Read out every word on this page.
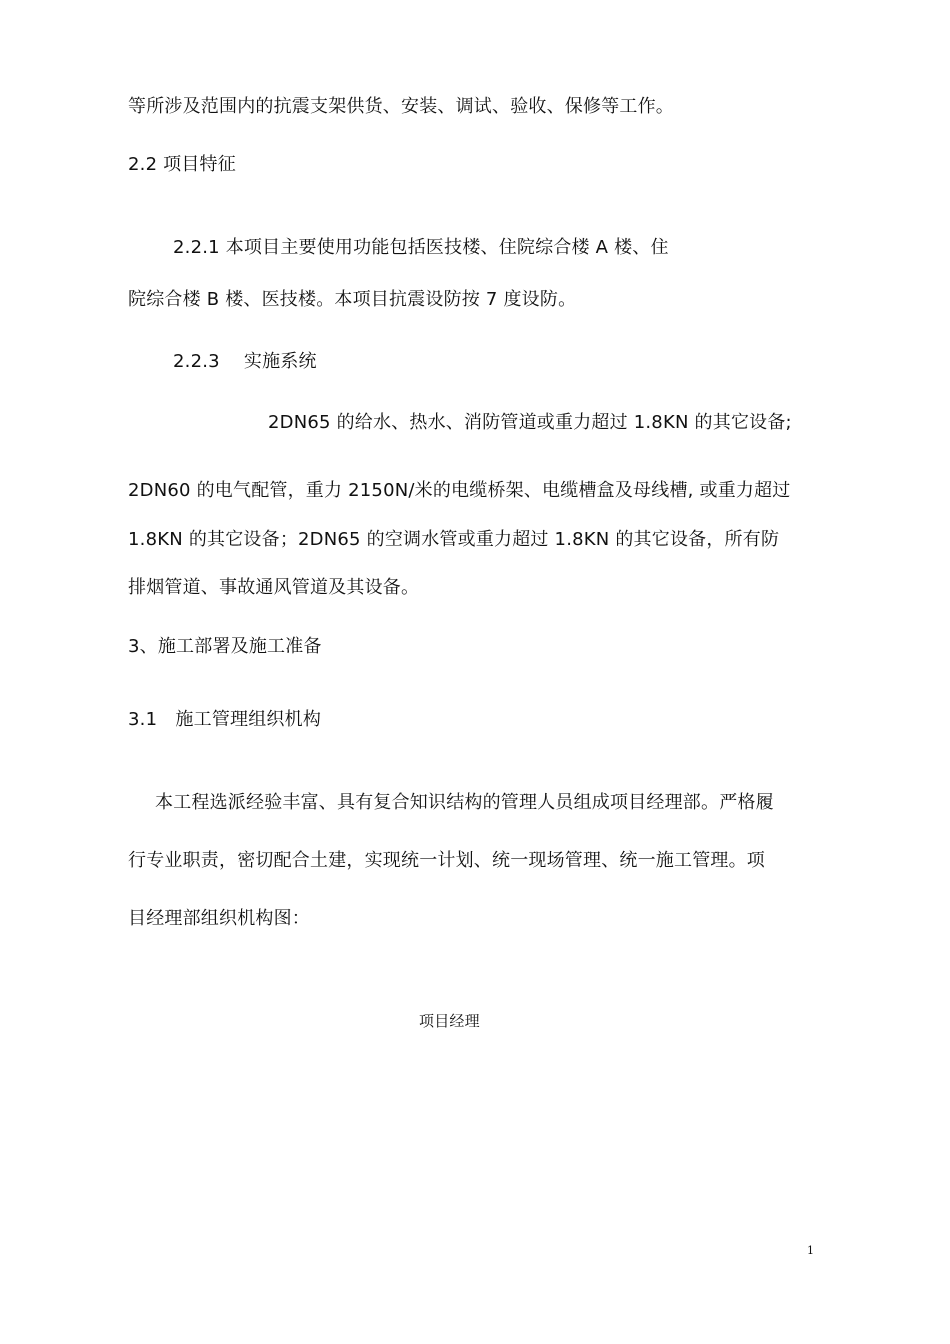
等所涉及范围内的抗震支架供货、安装、调试、验收、保修等工作。
2.2 项目特征
2.2.1 本项目主要使用功能包括医技楼、住院综合楼 A 楼、住
院综合楼 B 楼、医技楼。本项目抗震设防按 7 度设防。
2.2.3　 实施系统
2DN65 的给水、热水、消防管道或重力超过 1.8KN 的其它设备;
2DN60 的电气配管，重力 2150N/米的电缆桥架、电缆槽盒及母线槽, 或重力超过
1.8KN 的其它设备；2DN65 的空调水管或重力超过 1.8KN 的其它设备，所有防
排烟管道、事故通风管道及其设备。
3、施工部署及施工准备
3.1　施工管理组织机构
本工程选派经验丰富、具有复合知识结构的管理人员组成项目经理部。严格履
行专业职责，密切配合土建，实现统一计划、统一现场管理、统一施工管理。项
目经理部组织机构图：
项目经理
1
